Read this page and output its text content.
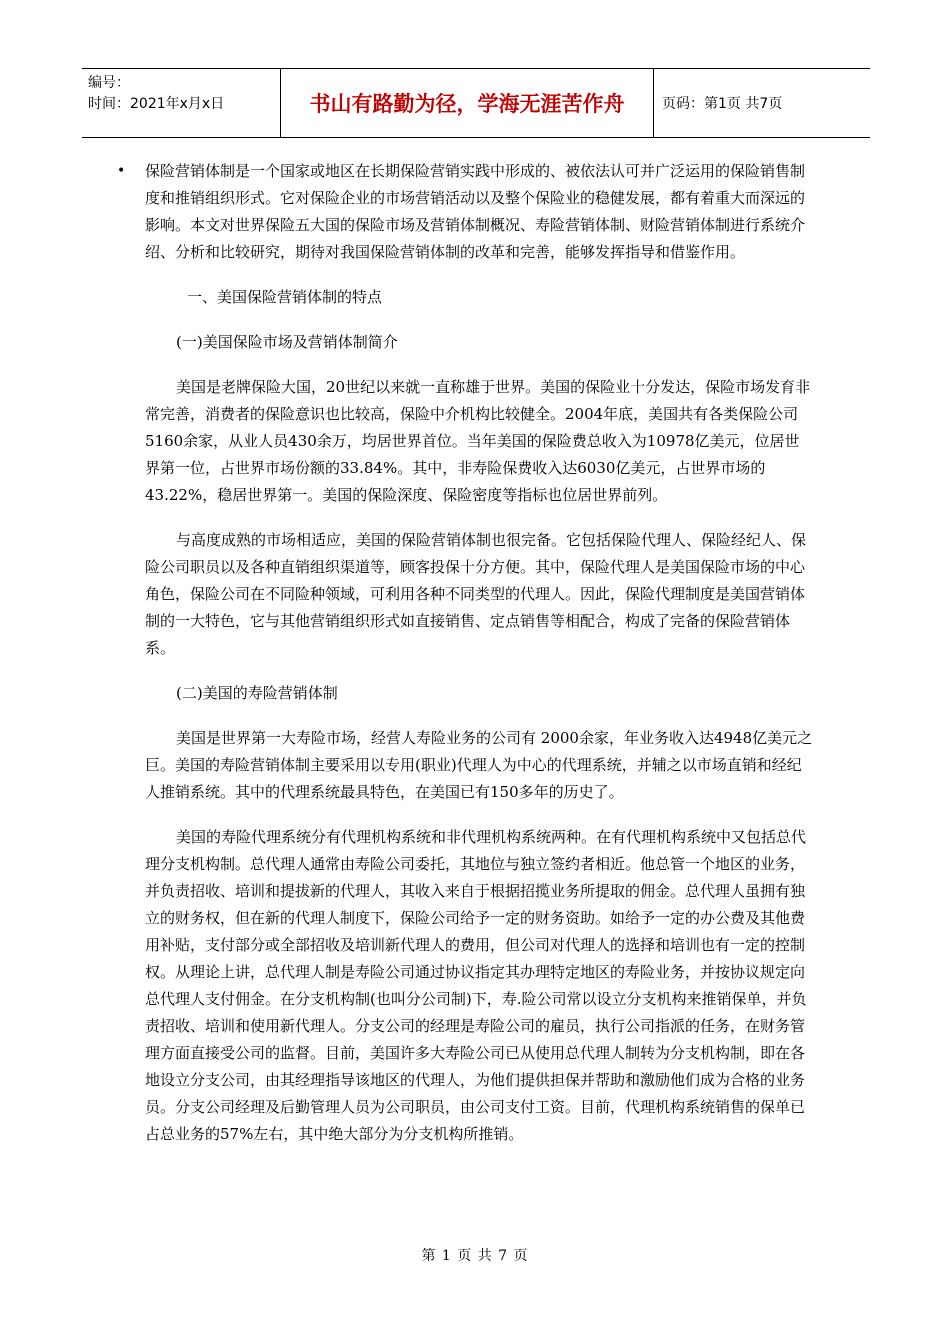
编号：
时间：2021年x月x日	书山有路勤为径，学海无涯苦作舟	页码：第1页 共7页
• 保险营销体制是一个国家或地区在长期保险营销实践中形成的、被依法认可并广泛运用的保险销售制度和推销组织形式。它对保险企业的市场营销活动以及整个保险业的稳健发展，都有着重大而深远的影响。本文对世界保险五大国的保险市场及营销体制概况、寿险营销体制、财险营销体制进行系统介绍、分析和比较研究，期待对我国保险营销体制的改革和完善，能够发挥指导和借鉴作用。

一、美国保险营销体制的特点

(一)美国保险市场及营销体制简介

美国是老牌保险大国，20世纪以来就一直称雄于世界。美国的保险业十分发达，保险市场发育非常完善，消费者的保险意识也比较高，保险中介机构比较健全。2004年底，美国共有各类保险公司5160余家，从业人员430余万，均居世界首位。当年美国的保险费总收入为10978亿美元，位居世界第一位，占世界市场份额的33.84%。其中，非寿险保费收入达6030亿美元，占世界市场的43.22%，稳居世界第一。美国的保险深度、保险密度等指标也位居世界前列。

与高度成熟的市场相适应，美国的保险营销体制也很完备。它包括保险代理人、保险经纪人、保险公司职员以及各种直销组织渠道等，顾客投保十分方便。其中，保险代理人是美国保险市场的中心角色，保险公司在不同险种领域，可利用各种不同类型的代理人。因此，保险代理制度是美国营销体制的一大特色，它与其他营销组织形式如直接销售、定点销售等相配合，构成了完备的保险营销体系。

(二)美国的寿险营销体制

美国是世界第一大寿险市场，经营人寿险业务的公司有 2000余家，年业务收入达4948亿美元之巨。美国的寿险营销体制主要采用以专用(职业)代理人为中心的代理系统，并辅之以市场直销和经纪人推销系统。其中的代理系统最具特色，在美国已有150多年的历史了。

美国的寿险代理系统分有代理机构系统和非代理机构系统两种。在有代理机构系统中又包括总代理分支机构制。总代理人通常由寿险公司委托，其地位与独立签约者相近。他总管一个地区的业务，并负责招收、培训和提拔新的代理人，其收入来自于根据招揽业务所提取的佣金。总代理人虽拥有独立的财务权，但在新的代理人制度下，保险公司给予一定的财务资助。如给予一定的办公费及其他费用补贴，支付部分或全部招收及培训新代理人的费用，但公司对代理人的选择和培训也有一定的控制权。从理论上讲，总代理人制是寿险公司通过协议指定其办理特定地区的寿险业务，并按协议规定向总代理人支付佣金。在分支机构制(也叫分公司制)下，寿.险公司常以设立分支机构来推销保单，并负责招收、培训和使用新代理人。分支公司的经理是寿险公司的雇员，执行公司指派的任务，在财务管理方面直接受公司的监督。目前，美国许多大寿险公司已从使用总代理人制转为分支机构制，即在各地设立分支公司，由其经理指导该地区的代理人，为他们提供担保并帮助和激励他们成为合格的业务员。分支公司经理及后勤管理人员为公司职员，由公司支付工资。目前，代理机构系统销售的保单已占总业务的57%左右，其中绝大部分为分支机构所推销。

第 1 页 共 7 页
